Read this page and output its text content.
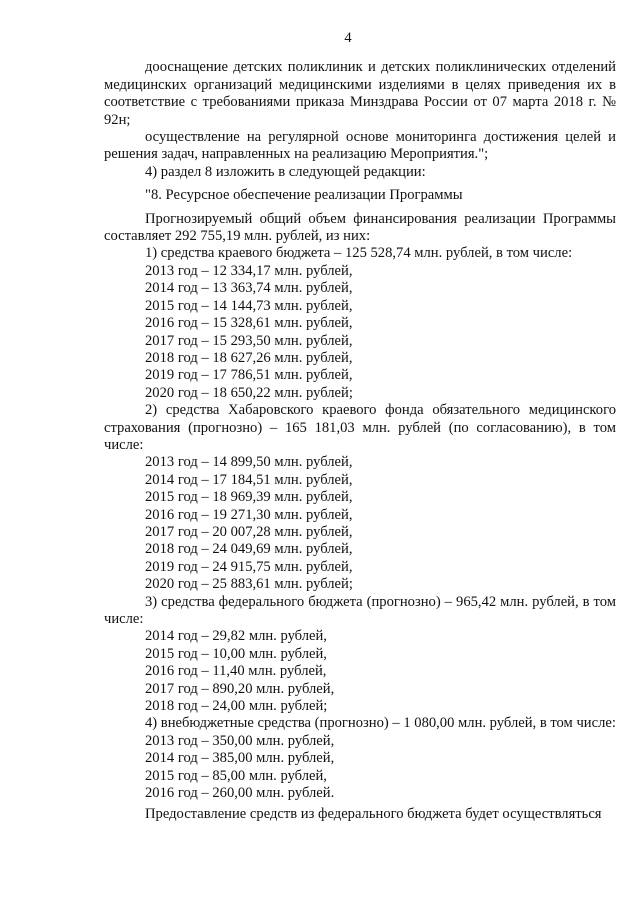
4

дооснащение детских поликлиник и детских поликлинических отделений медицинских организаций медицинскими изделиями в целях приведения их в соответствие с требованиями приказа Минздрава России от 07 марта 2018 г. № 92н;

осуществление на регулярной основе мониторинга достижения целей и решения задач, направленных на реализацию Мероприятия.";

4) раздел 8 изложить в следующей редакции:

"8. Ресурсное обеспечение реализации Программы

Прогнозируемый общий объем финансирования реализации Программы составляет 292 755,19 млн. рублей, из них:

1) средства краевого бюджета – 125 528,74 млн. рублей, в том числе:

2013 год – 12 334,17 млн. рублей,

2014 год – 13 363,74 млн. рублей,

2015 год – 14 144,73 млн. рублей,

2016 год – 15 328,61 млн. рублей,

2017 год – 15 293,50 млн. рублей,

2018 год – 18 627,26 млн. рублей,

2019 год – 17 786,51 млн. рублей,

2020 год – 18 650,22 млн. рублей;

2) средства Хабаровского краевого фонда обязательного медицинского страхования (прогнозно) – 165 181,03 млн. рублей (по согласованию), в том числе:

2013 год – 14 899,50 млн. рублей,

2014 год – 17 184,51 млн. рублей,

2015 год – 18 969,39 млн. рублей,

2016 год – 19 271,30 млн. рублей,

2017 год – 20 007,28 млн. рублей,

2018 год – 24 049,69 млн. рублей,

2019 год – 24 915,75 млн. рублей,

2020 год – 25 883,61 млн. рублей;

3) средства федерального бюджета (прогнозно) – 965,42 млн. рублей, в том числе:

2014 год – 29,82 млн. рублей,

2015 год – 10,00 млн. рублей,

2016 год – 11,40 млн. рублей,

2017 год – 890,20 млн. рублей,

2018 год – 24,00 млн. рублей;

4) внебюджетные средства (прогнозно) – 1 080,00 млн. рублей, в том числе:

2013 год – 350,00 млн. рублей,

2014 год – 385,00 млн. рублей,

2015 год – 85,00 млн. рублей,

2016 год – 260,00 млн. рублей.

Предоставление средств из федерального бюджета будет осуществляться
